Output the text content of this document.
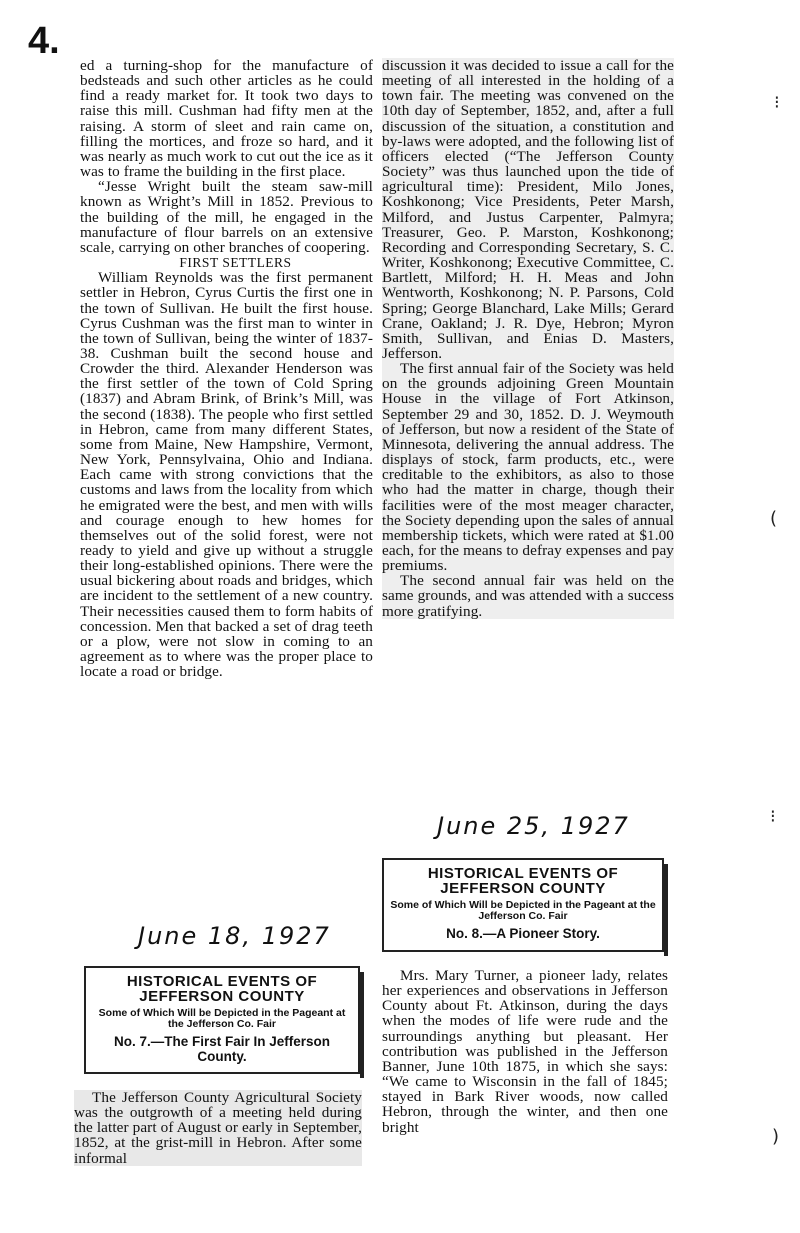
4.

ed a turning-shop for the manufacture of bedsteads and such other articles as he could find a ready market for. It took two days to raise this mill. Cushman had fifty men at the raising. A storm of sleet and rain came on, filling the mortices, and froze so hard, and it was nearly as much work to cut out the ice as it was to frame the building in the first place.

“Jesse Wright built the steam saw-mill known as Wright’s Mill in 1852. Previous to the building of the mill, he engaged in the manufacture of flour barrels on an extensive scale, carrying on other branches of coopering.

FIRST SETTLERS

William Reynolds was the first permanent settler in Hebron, Cyrus Curtis the first one in the town of Sullivan. He built the first house. Cyrus Cushman was the first man to winter in the town of Sullivan, being the winter of 1837-38. Cushman built the second house and Crowder the third. Alexander Henderson was the first settler of the town of Cold Spring (1837) and Abram Brink, of Brink’s Mill, was the second (1838). The people who first settled in Hebron, came from many different States, some from Maine, New Hampshire, Vermont, New York, Pennsylvaina, Ohio and Indiana. Each came with strong convictions that the customs and laws from the locality from which he emigrated were the best, and men with wills and courage enough to hew homes for themselves out of the solid forest, were not ready to yield and give up without a struggle their long-established opinions. There were the usual bickering about roads and bridges, which are incident to the settlement of a new country. Their necessities caused them to form habits of concession. Men that backed a set of drag teeth or a plow, were not slow in coming to an agreement as to where was the proper place to locate a road or bridge.

discussion it was decided to issue a call for the meeting of all interested in the holding of a town fair. The meeting was convened on the 10th day of September, 1852, and, after a full discussion of the situation, a constitution and by-laws were adopted, and the following list of officers elected (“The Jefferson County Society” was thus launched upon the tide of agricultural time): President, Milo Jones, Koshkonong; Vice Presidents, Peter Marsh, Milford, and Justus Carpenter, Palmyra; Treasurer, Geo. P. Marston, Koshkonong; Recording and Corresponding Secretary, S. C. Writer, Koshkonong; Executive Committee, C. Bartlett, Milford; H. H. Meas and John Wentworth, Koshkonong; N. P. Parsons, Cold Spring; George Blanchard, Lake Mills; Gerard Crane, Oakland; J. R. Dye, Hebron; Myron Smith, Sullivan, and Enias D. Masters, Jefferson.

The first annual fair of the Society was held on the grounds adjoining Green Mountain House in the village of Fort Atkinson, September 29 and 30, 1852. D. J. Weymouth of Jefferson, but now a resident of the State of Minnesota, delivering the annual address. The displays of stock, farm products, etc., were creditable to the exhibitors, as also to those who had the matter in charge, though their facilities were of the most meager character, the Society depending upon the sales of annual membership tickets, which were rated at $1.00 each, for the means to defray expenses and pay premiums.

The second annual fair was held on the same grounds, and was attended with a success more gratifying.

June 25, 1927
HISTORICAL EVENTS OF
JEFFERSON COUNTY
Some of Which Will be Depicted in the Pageant at the Jefferson Co. Fair
No. 8.—A Pioneer Story.
June 18, 1927
HISTORICAL EVENTS OF
JEFFERSON COUNTY
Some of Which Will be Depicted in the Pageant at the Jefferson Co. Fair
No. 7.—The First Fair In Jefferson County.

The Jefferson County Agricultural Society was the outgrowth of a meeting held during the latter part of August or early in September, 1852, at the grist-mill in Hebron. After some informal

Mrs. Mary Turner, a pioneer lady, relates her experiences and observations in Jefferson County about Ft. Atkinson, during the days when the modes of life were rude and the surroundings anything but pleasant. Her contribution was published in the Jefferson Banner, June 10th 1875, in which she says: “We came to Wisconsin in the fall of 1845; stayed in Bark River woods, now called Hebron, through the winter, and then one bright

⁝
(
⁝
)
